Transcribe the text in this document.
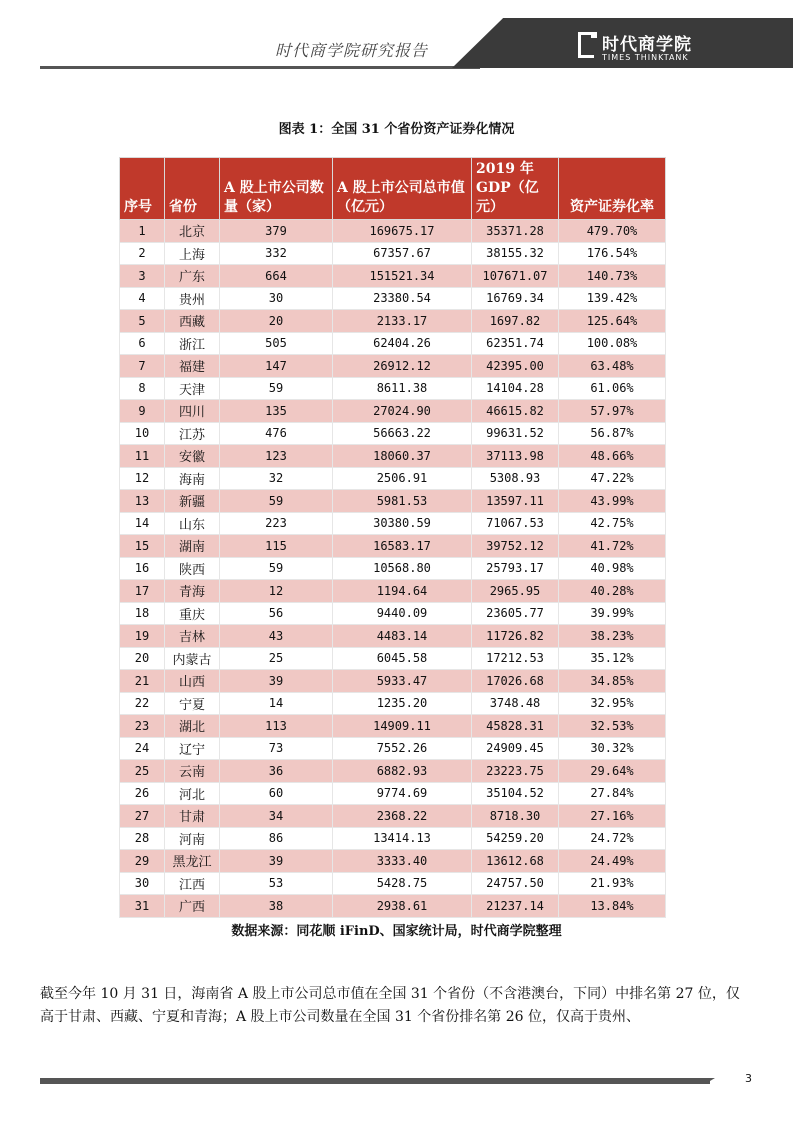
时代商学院研究报告	时代商学院
TIMES THINKTANK
图表 1：全国 31 个省份资产证券化情况
序号	省份	A 股上市公司数量（家）	A 股上市公司总市值（亿元）	2019 年 GDP（亿元）	资产证券化率
1	北京	379	169675.17	35371.28	479.70%
2	上海	332	67357.67	38155.32	176.54%
3	广东	664	151521.34	107671.07	140.73%
4	贵州	30	23380.54	16769.34	139.42%
5	西藏	20	2133.17	1697.82	125.64%
6	浙江	505	62404.26	62351.74	100.08%
7	福建	147	26912.12	42395.00	63.48%
8	天津	59	8611.38	14104.28	61.06%
9	四川	135	27024.90	46615.82	57.97%
10	江苏	476	56663.22	99631.52	56.87%
11	安徽	123	18060.37	37113.98	48.66%
12	海南	32	2506.91	5308.93	47.22%
13	新疆	59	5981.53	13597.11	43.99%
14	山东	223	30380.59	71067.53	42.75%
15	湖南	115	16583.17	39752.12	41.72%
16	陕西	59	10568.80	25793.17	40.98%
17	青海	12	1194.64	2965.95	40.28%
18	重庆	56	9440.09	23605.77	39.99%
19	吉林	43	4483.14	11726.82	38.23%
20	内蒙古	25	6045.58	17212.53	35.12%
21	山西	39	5933.47	17026.68	34.85%
22	宁夏	14	1235.20	3748.48	32.95%
23	湖北	113	14909.11	45828.31	32.53%
24	辽宁	73	7552.26	24909.45	30.32%
25	云南	36	6882.93	23223.75	29.64%
26	河北	60	9774.69	35104.52	27.84%
27	甘肃	34	2368.22	8718.30	27.16%
28	河南	86	13414.13	54259.20	24.72%
29	黑龙江	39	3333.40	13612.68	24.49%
30	江西	53	5428.75	24757.50	21.93%
31	广西	38	2938.61	21237.14	13.84%
数据来源：同花顺 iFinD、国家统计局，时代商学院整理
截至今年 10 月 31 日，海南省 A 股上市公司总市值在全国 31 个省份（不含港澳台，下同）中排名第 27 位，仅高于甘肃、西藏、宁夏和青海；A 股上市公司数量在全国 31 个省份排名第 26 位，仅高于贵州、
3
